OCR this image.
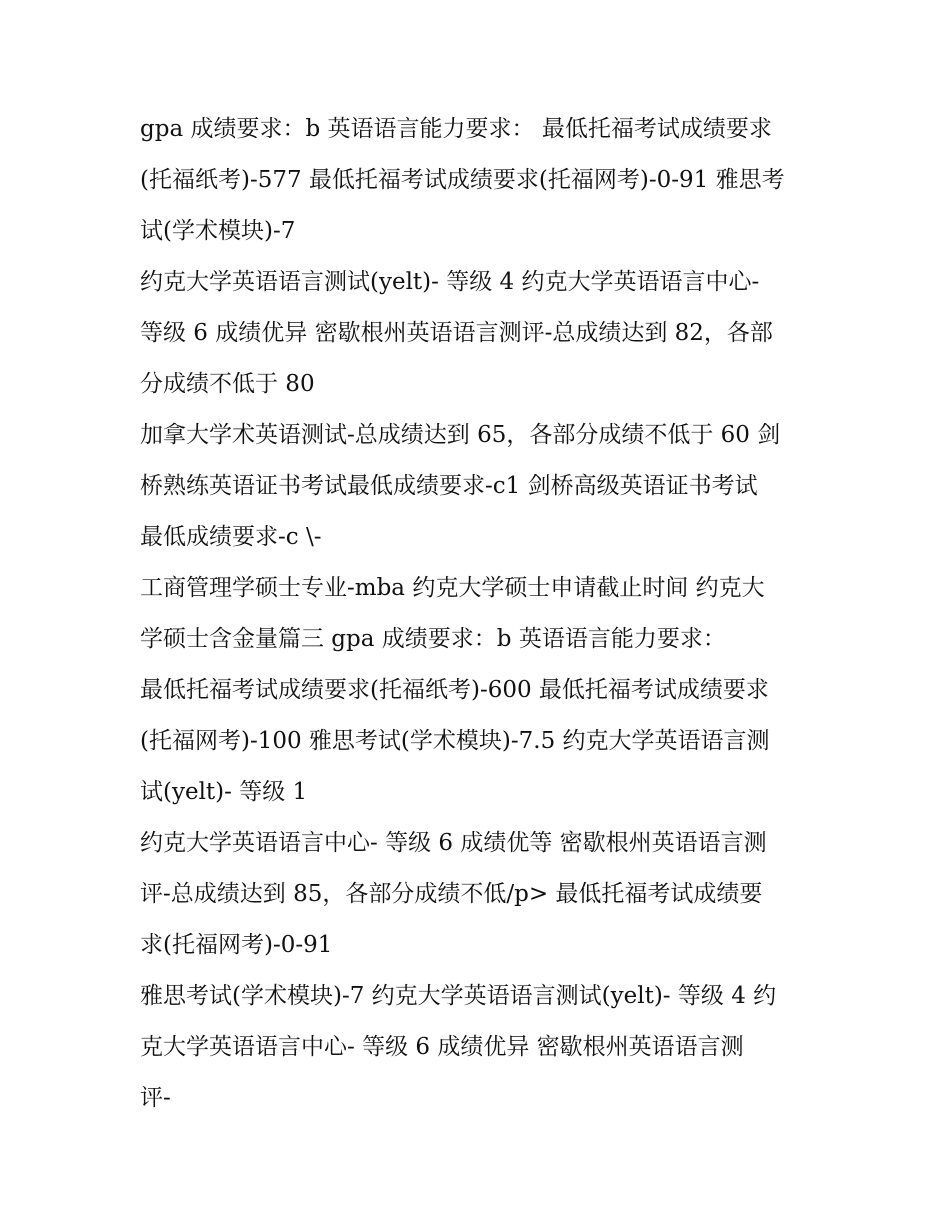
gpa 成绩要求：b 英语语言能力要求： 最低托福考试成绩要求
(托福纸考)-577 最低托福考试成绩要求(托福网考)-0-91 雅思考
试(学术模块)-7
约克大学英语语言测试(yelt)- 等级 4 约克大学英语语言中心-
等级 6 成绩优异 密歇根州英语语言测评-总成绩达到 82，各部
分成绩不低于 80
加拿大学术英语测试-总成绩达到 65，各部分成绩不低于 60 剑
桥熟练英语证书考试最低成绩要求-c1 剑桥高级英语证书考试
最低成绩要求-c \-
工商管理学硕士专业-mba 约克大学硕士申请截止时间 约克大
学硕士含金量篇三 gpa 成绩要求：b 英语语言能力要求：
最低托福考试成绩要求(托福纸考)-600 最低托福考试成绩要求
(托福网考)-100 雅思考试(学术模块)-7.5 约克大学英语语言测
试(yelt)- 等级 1
约克大学英语语言中心- 等级 6 成绩优等 密歇根州英语语言测
评-总成绩达到 85，各部分成绩不低/p> 最低托福考试成绩要
求(托福网考)-0-91
雅思考试(学术模块)-7 约克大学英语语言测试(yelt)- 等级 4 约
克大学英语语言中心- 等级 6 成绩优异 密歇根州英语语言测
评-
